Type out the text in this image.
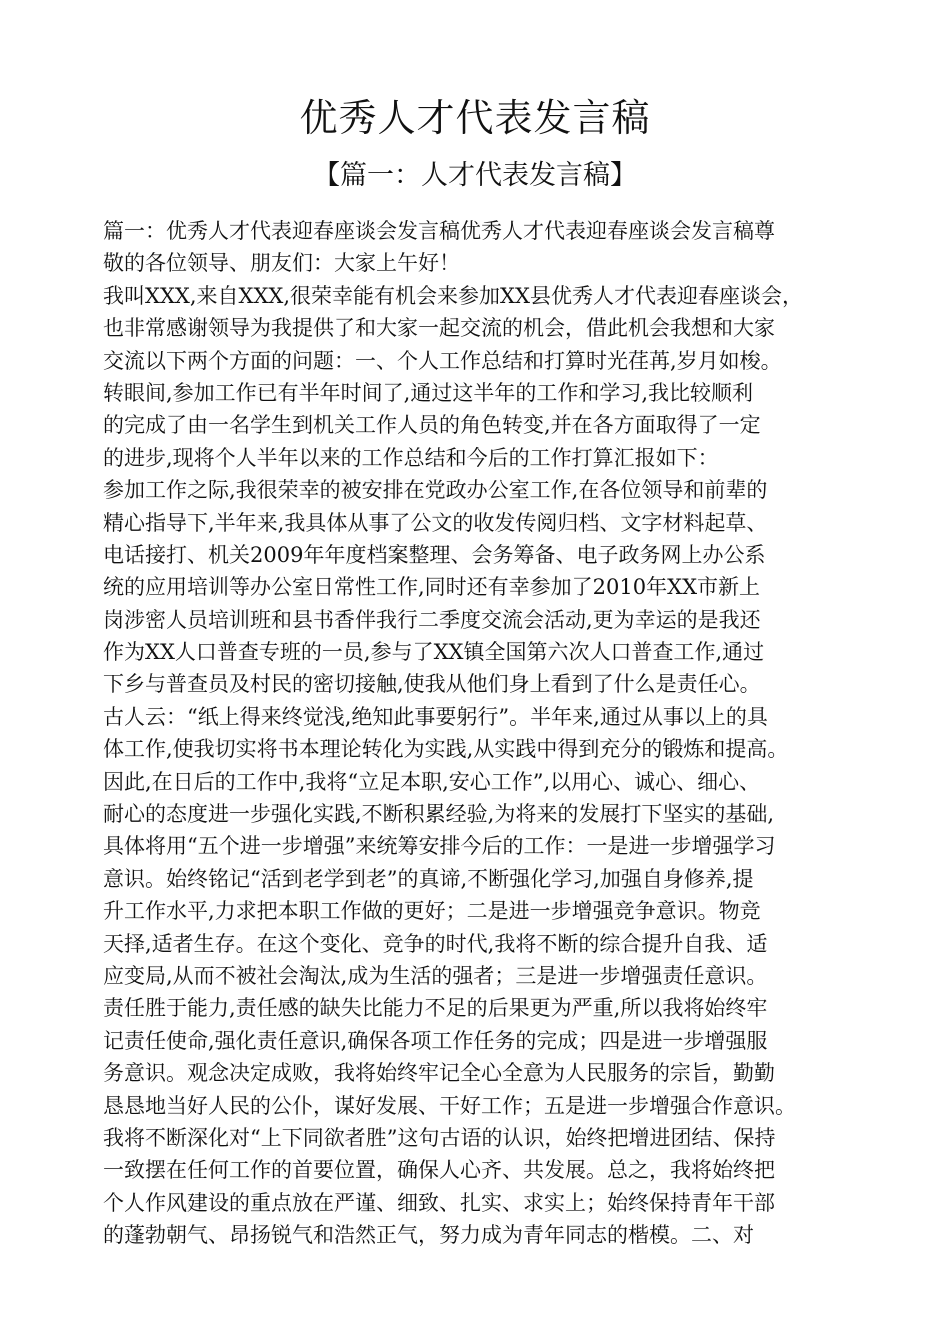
优秀人才代表发言稿
【篇一：人才代表发言稿】
篇一：优秀人才代表迎春座谈会发言稿优秀人才代表迎春座谈会发言稿尊
敬的各位领导、朋友们：大家上午好！
我叫XXX,来自XXX,很荣幸能有机会来参加XX县优秀人才代表迎春座谈会，
也非常感谢领导为我提供了和大家一起交流的机会，借此机会我想和大家
交流以下两个方面的问题：一、个人工作总结和打算时光荏苒,岁月如梭。
转眼间,参加工作已有半年时间了,通过这半年的工作和学习,我比较顺利
的完成了由一名学生到机关工作人员的角色转变,并在各方面取得了一定
的进步,现将个人半年以来的工作总结和今后的工作打算汇报如下：
参加工作之际,我很荣幸的被安排在党政办公室工作,在各位领导和前辈的
精心指导下,半年来,我具体从事了公文的收发传阅归档、文字材料起草、
电话接打、机关2009年年度档案整理、会务筹备、电子政务网上办公系
统的应用培训等办公室日常性工作,同时还有幸参加了2010年XX市新上
岗涉密人员培训班和县书香伴我行二季度交流会活动,更为幸运的是我还
作为XX人口普查专班的一员,参与了XX镇全国第六次人口普查工作,通过
下乡与普查员及村民的密切接触,使我从他们身上看到了什么是责任心。
古人云：“纸上得来终觉浅,绝知此事要躬行”。半年来,通过从事以上的具
体工作,使我切实将书本理论转化为实践,从实践中得到充分的锻炼和提高。
因此,在日后的工作中,我将“立足本职,安心工作”,以用心、诚心、细心、
耐心的态度进一步强化实践,不断积累经验,为将来的发展打下坚实的基础,
具体将用“五个进一步增强”来统筹安排今后的工作：一是进一步增强学习
意识。始终铭记“活到老学到老”的真谛,不断强化学习,加强自身修养,提
升工作水平,力求把本职工作做的更好；二是进一步增强竞争意识。物竞
天择,适者生存。在这个变化、竞争的时代,我将不断的综合提升自我、适
应变局,从而不被社会淘汰,成为生活的强者；三是进一步增强责任意识。
责任胜于能力,责任感的缺失比能力不足的后果更为严重,所以我将始终牢
记责任使命,强化责任意识,确保各项工作任务的完成；四是进一步增强服
务意识。观念决定成败，我将始终牢记全心全意为人民服务的宗旨，勤勤
恳恳地当好人民的公仆，谋好发展、干好工作；五是进一步增强合作意识。
我将不断深化对“上下同欲者胜”这句古语的认识，始终把增进团结、保持
一致摆在任何工作的首要位置，确保人心齐、共发展。总之，我将始终把
个人作风建设的重点放在严谨、细致、扎实、求实上；始终保持青年干部
的蓬勃朝气、昂扬锐气和浩然正气，努力成为青年同志的楷模。二、对
